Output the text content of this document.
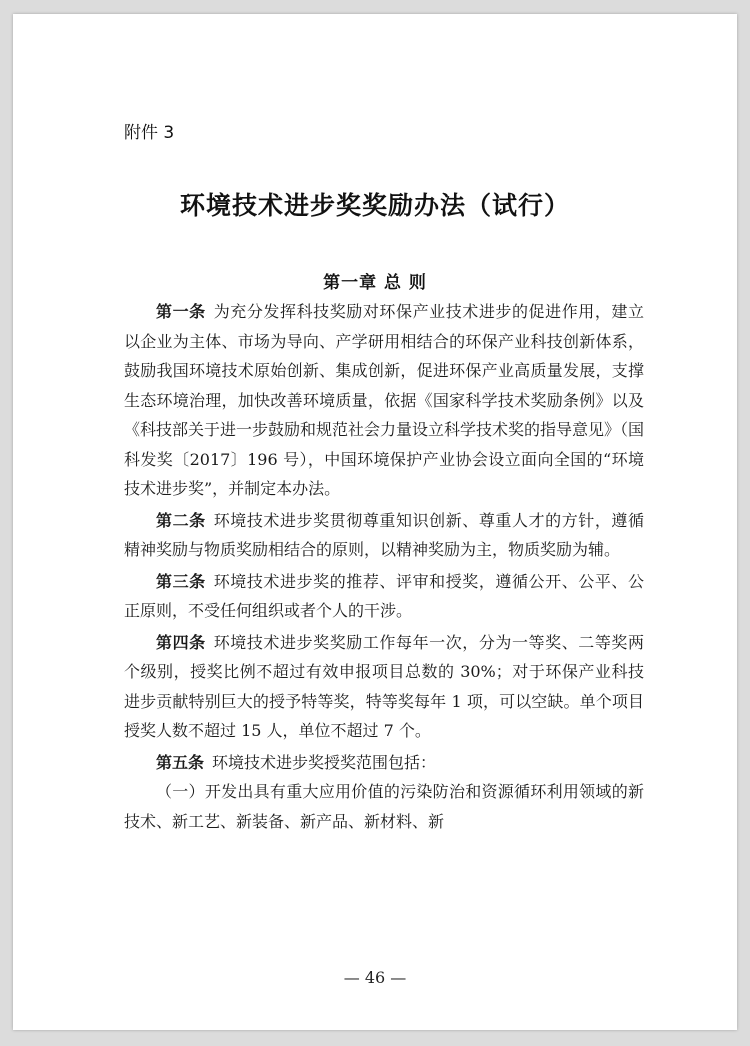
附件 3
环境技术进步奖奖励办法（试行）
第一章 总 则

第一条 为充分发挥科技奖励对环保产业技术进步的促进作用，建立以企业为主体、市场为导向、产学研用相结合的环保产业科技创新体系，鼓励我国环境技术原始创新、集成创新，促进环保产业高质量发展，支撑生态环境治理，加快改善环境质量，依据《国家科学技术奖励条例》以及《科技部关于进一步鼓励和规范社会力量设立科学技术奖的指导意见》（国科发奖〔2017〕196 号），中国环境保护产业协会设立面向全国的“环境技术进步奖”，并制定本办法。

第二条 环境技术进步奖贯彻尊重知识创新、尊重人才的方针，遵循精神奖励与物质奖励相结合的原则，以精神奖励为主，物质奖励为辅。

第三条 环境技术进步奖的推荐、评审和授奖，遵循公开、公平、公正原则，不受任何组织或者个人的干涉。

第四条 环境技术进步奖奖励工作每年一次，分为一等奖、二等奖两个级别，授奖比例不超过有效申报项目总数的 30%；对于环保产业科技进步贡献特别巨大的授予特等奖，特等奖每年 1 项，可以空缺。单个项目授奖人数不超过 15 人，单位不超过 7 个。

第五条 环境技术进步奖授奖范围包括：

（一）开发出具有重大应用价值的污染防治和资源循环利用领域的新技术、新工艺、新装备、新产品、新材料、新

— 46 —
